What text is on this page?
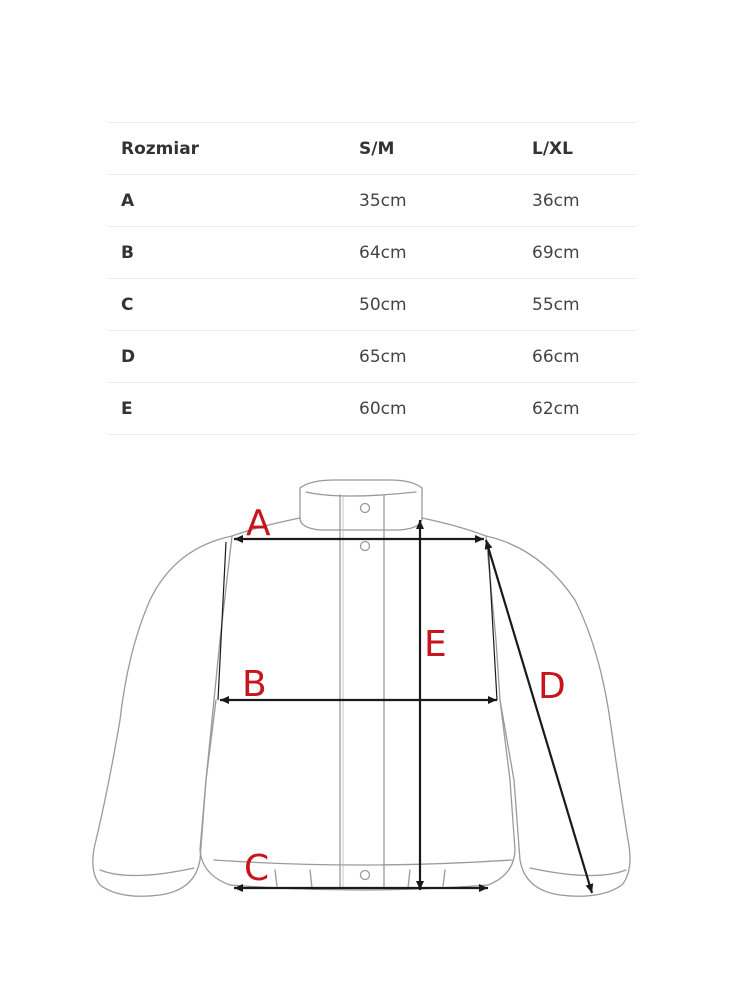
Rozmiar	S/M	L/XL
A	35cm	36cm
B	64cm	69cm
C	50cm	55cm
D	65cm	66cm
E	60cm	62cm
A
B
C
D
E
